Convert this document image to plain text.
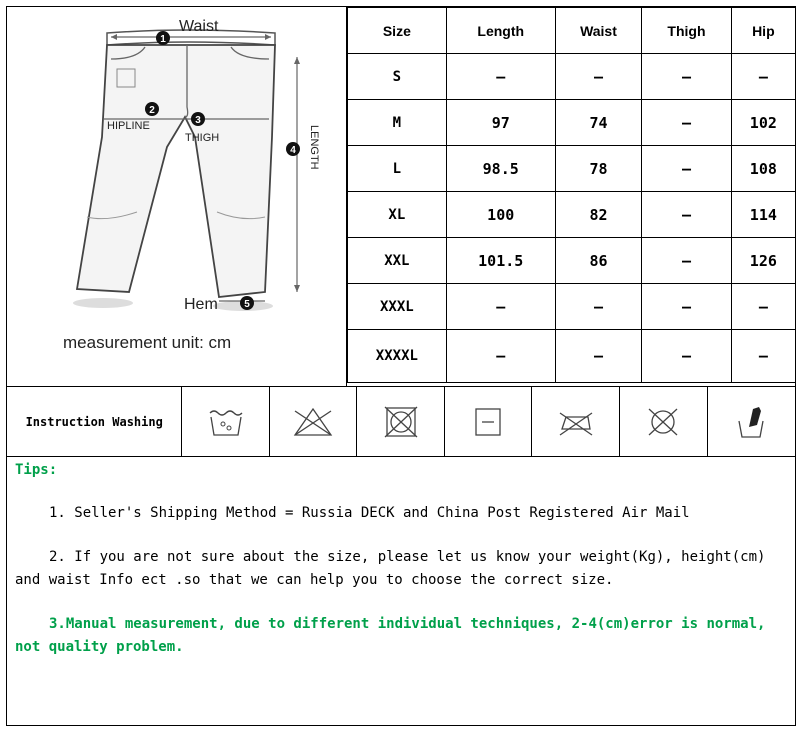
Waist
1
2
HIPLINE	3
THIGH
4 LENGTH
5
Hem
measurement unit: cm
Size	Length	Waist	Thigh	Hip
S	–	–	–	–
M	97	74	–	102
L	98.5	78	–	108
XL	100	82	–	114
XXL	101.5	86	–	126
XXXL	–	–	–	–
XXXXL	–	–	–	–
Instruction Washing
Tips:

1. Seller's Shipping Method = Russia DECK and China Post Registered Air Mail

2. If you are not sure about the size, please let us know your weight(Kg), height(cm)

and waist Info ect .so that we can help you to choose the correct size.

3.Manual measurement, due to different individual techniques, 2-4(cm)error is normal,

not quality problem.
